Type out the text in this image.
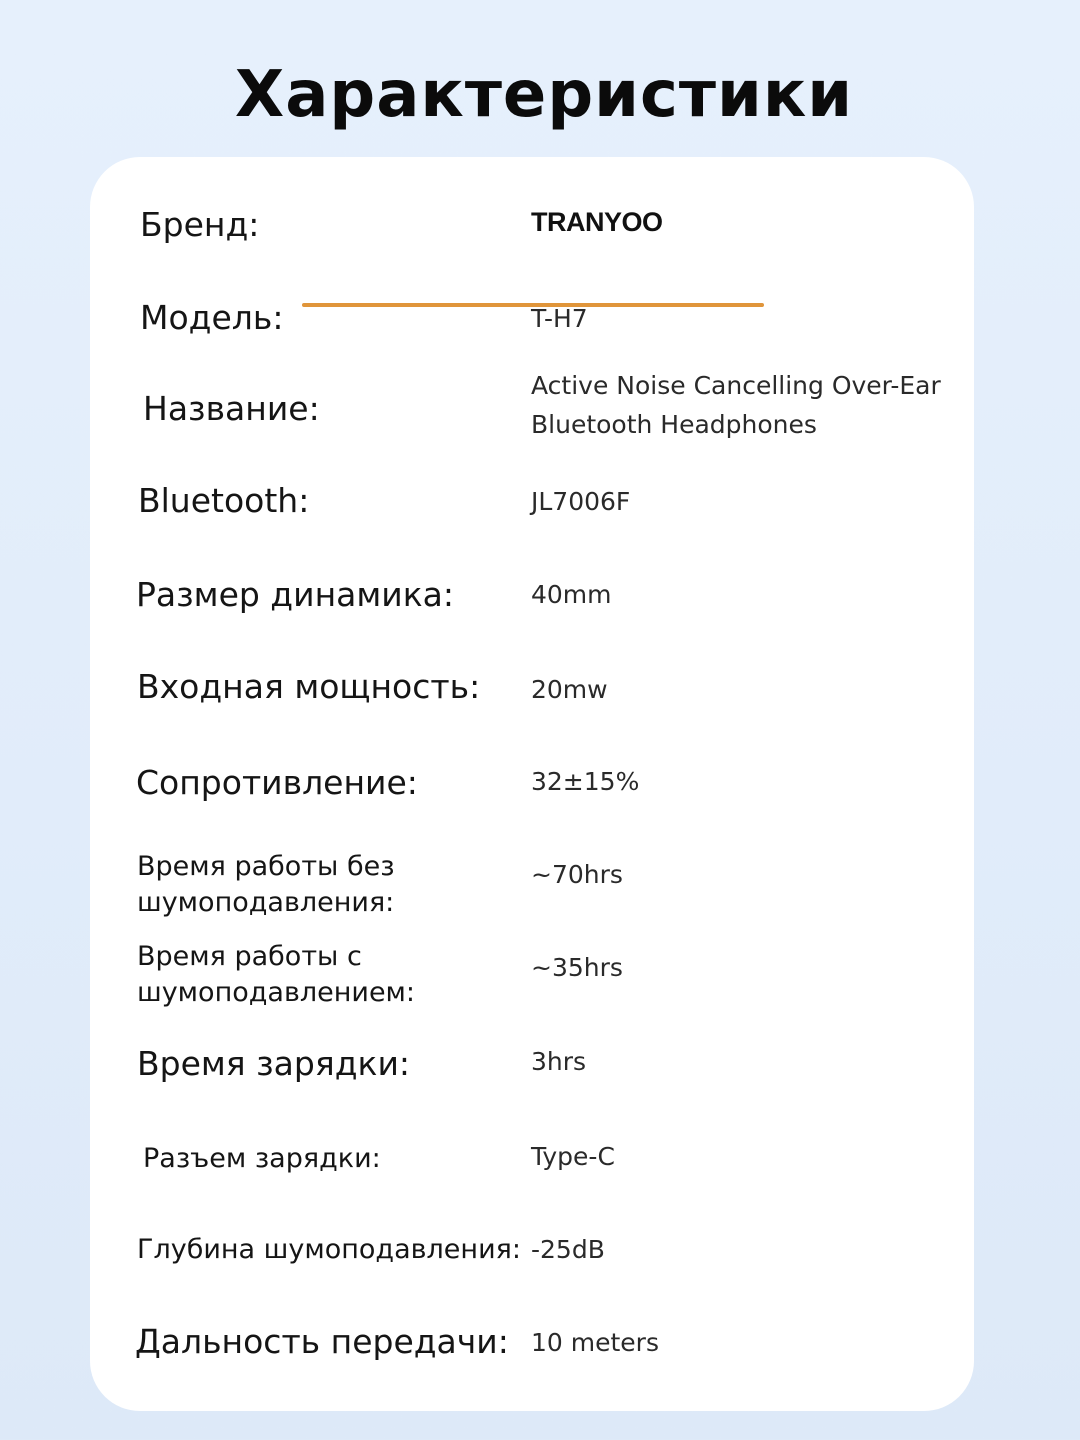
Характеристики
Бренд:	TRANYOO
Модель:	T-H7
Название:
Active Noise Cancelling Over-Ear
Bluetooth Headphones
Bluetooth:	JL7006F
Размер динамика:	40mm
Входная мощность: 20mw
Сопротивление:	32±15%
Время работы без
шумоподавления:
~70hrs
Время работы с
шумоподавлением:
~35hrs
Время зарядки:	3hrs
Разъем зарядки:	Type-C
Глубина шумоподавления: -25dB
Дальность передачи: 10 meters
